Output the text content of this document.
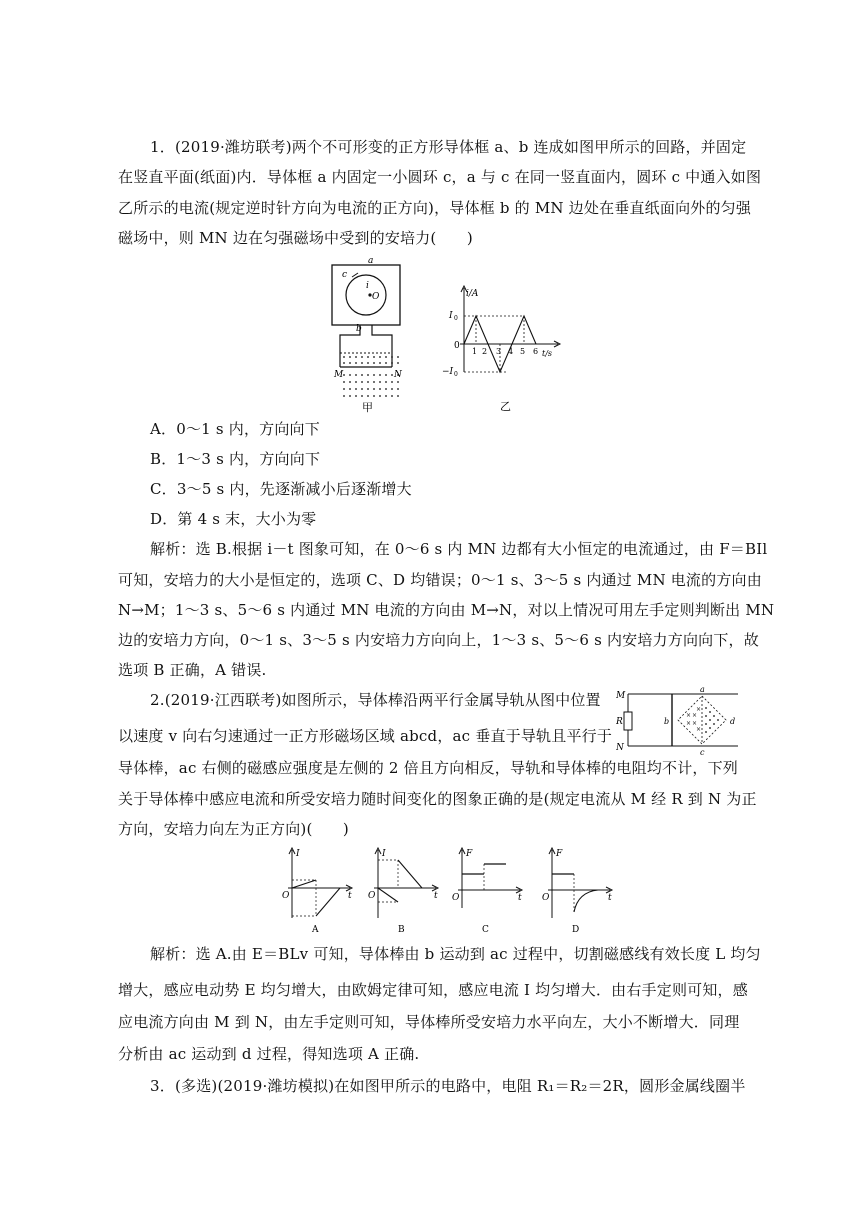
1．(2019·潍坊联考)两个不可形变的正方形导体框 a、b 连成如图甲所示的回路，并固定
在竖直平面(纸面)内．导体框 a 内固定一小圆环 c，a 与 c 在同一竖直面内，圆环 c 中通入如图
乙所示的电流(规定逆时针方向为电流的正方向)，导体框 b 的 MN 边处在垂直纸面向外的匀强
磁场中，则 MN 边在匀强磁场中受到的安培力(　　)
a
c
i
O
b
M	N
甲
i/A
t/s
I 0
−I 0
0
1 2 3 4 5 6
乙
A．0～1 s 内，方向向下
B．1～3 s 内，方向向下
C．3～5 s 内，先逐渐减小后逐渐增大
D．第 4 s 末，大小为零
解析：选 B.根据 i－t 图象可知，在 0～6 s 内 MN 边都有大小恒定的电流通过，由 F＝BIl
可知，安培力的大小是恒定的，选项 C、D 均错误；0～1 s、3～5 s 内通过 MN 电流的方向由
N→M；1～3 s、5～6 s 内通过 MN 电流的方向由 M→N，对以上情况可用左手定则判断出 MN
边的安培力方向，0～1 s、3～5 s 内安培力方向向上，1～3 s、5～6 s 内安培力方向向下，故
选项 B 正确，A 错误.
2.(2019·江西联考)如图所示，导体棒沿两平行金属导轨从图中位置
以速度 v 向右匀速通过一正方形磁场区域 abcd，ac 垂直于导轨且平行于
× ×
×
×
×
×
M
N
R
a
b
c
d
导体棒，ac 右侧的磁感应强度是左侧的 2 倍且方向相反，导轨和导体棒的电阻均不计，下列
关于导体棒中感应电流和所受安培力随时间变化的图象正确的是(规定电流从 M 经 R 到 N 为正
方向，安培力向左为正方向)(　　)
I
t
O
A
I
t
O
B
F
t
O
C
F
t
O
D
解析：选 A.由 E＝BLv 可知，导体棒由 b 运动到 ac 过程中，切割磁感线有效长度 L 均匀
增大，感应电动势 E 均匀增大，由欧姆定律可知，感应电流 I 均匀增大．由右手定则可知，感
应电流方向由 M 到 N，由左手定则可知，导体棒所受安培力水平向左，大小不断增大．同理
分析由 ac 运动到 d 过程，得知选项 A 正确.
3．(多选)(2019·潍坊模拟)在如图甲所示的电路中，电阻 R₁＝R₂＝2R，圆形金属线圈半
